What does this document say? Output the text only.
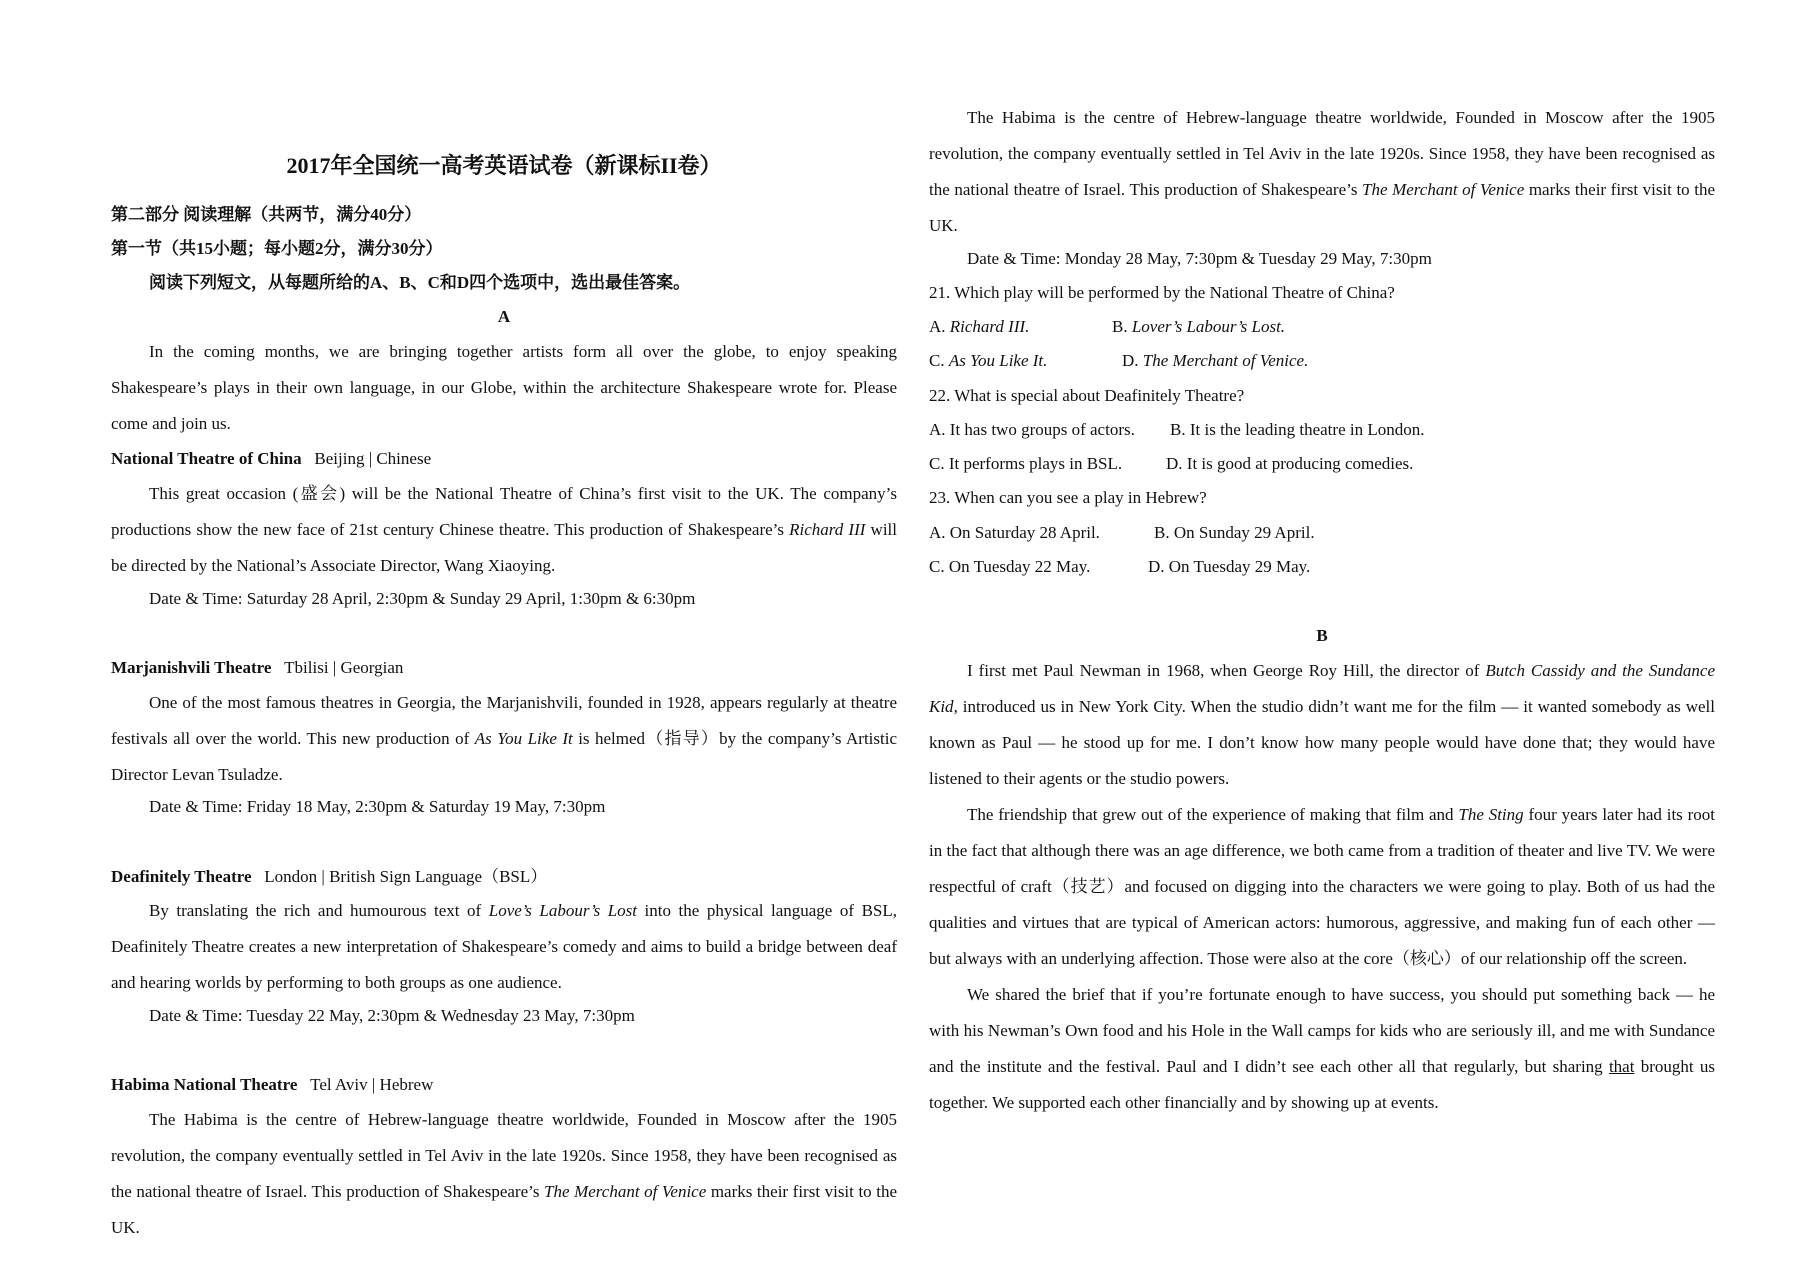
2017年全国统一高考英语试卷（新课标II卷）
第二部分 阅读理解（共两节，满分40分）
第一节（共15小题；每小题2分，满分30分）
阅读下列短文，从每题所给的A、B、C和D四个选项中，选出最佳答案。
A

In the coming months, we are bringing together artists form all over the globe, to enjoy speaking Shakespeare’s plays in their own language, in our Globe, within the architecture Shakespeare wrote for. Please come and join us.

National Theatre of China Beijing | Chinese

This great occasion (盛会) will be the National Theatre of China’s first visit to the UK. The company’s productions show the new face of 21st century Chinese theatre. This production of Shakespeare’s Richard III will be directed by the National’s Associate Director, Wang Xiaoying.

Date & Time: Saturday 28 April, 2:30pm & Sunday 29 April, 1:30pm & 6:30pm
Marjanishvili Theatre Tbilisi | Georgian

One of the most famous theatres in Georgia, the Marjanishvili, founded in 1928, appears regularly at theatre festivals all over the world. This new production of As You Like It is helmed（指导）by the company’s Artistic Director Levan Tsuladze.

Date & Time: Friday 18 May, 2:30pm & Saturday 19 May, 7:30pm
Deafinitely Theatre London | British Sign Language（BSL）

By translating the rich and humourous text of Love’s Labour’s Lost into the physical language of BSL, Deafinitely Theatre creates a new interpretation of Shakespeare’s comedy and aims to build a bridge between deaf and hearing worlds by performing to both groups as one audience.

Date & Time: Tuesday 22 May, 2:30pm & Wednesday 23 May, 7:30pm
Habima National Theatre Tel Aviv | Hebrew

The Habima is the centre of Hebrew-language theatre worldwide, Founded in Moscow after the 1905 revolution, the company eventually settled in Tel Aviv in the late 1920s. Since 1958, they have been recognised as the national theatre of Israel. This production of Shakespeare’s The Merchant of Venice marks their first visit to the UK.

The Habima is the centre of Hebrew-language theatre worldwide, Founded in Moscow after the 1905 revolution, the company eventually settled in Tel Aviv in the late 1920s. Since 1958, they have been recognised as the national theatre of Israel. This production of Shakespeare’s The Merchant of Venice marks their first visit to the UK.

Date & Time: Monday 28 May, 7:30pm & Tuesday 29 May, 7:30pm
21. Which play will be performed by the National Theatre of China?
A. Richard III.	B. Lover’s Labour’s Lost.
C. As You Like It.	D. The Merchant of Venice.
22. What is special about Deafinitely Theatre?
A. It has two groups of actors. B. It is the leading theatre in London.
C. It performs plays in BSL.	D. It is good at producing comedies.
23. When can you see a play in Hebrew?
A. On Saturday 28 April.	B. On Sunday 29 April.
C. On Tuesday 22 May.	D. On Tuesday 29 May.
B

I first met Paul Newman in 1968, when George Roy Hill, the director of Butch Cassidy and the Sundance Kid, introduced us in New York City. When the studio didn’t want me for the film — it wanted somebody as well known as Paul — he stood up for me. I don’t know how many people would have done that; they would have listened to their agents or the studio powers.

The friendship that grew out of the experience of making that film and The Sting four years later had its root in the fact that although there was an age difference, we both came from a tradition of theater and live TV. We were respectful of craft（技艺）and focused on digging into the characters we were going to play. Both of us had the qualities and virtues that are typical of American actors: humorous, aggressive, and making fun of each other — but always with an underlying affection. Those were also at the core（核心）of our relationship off the screen.

We shared the brief that if you’re fortunate enough to have success, you should put something back — he with his Newman’s Own food and his Hole in the Wall camps for kids who are seriously ill, and me with Sundance and the institute and the festival. Paul and I didn’t see each other all that regularly, but sharing that brought us together. We supported each other financially and by showing up at events.
